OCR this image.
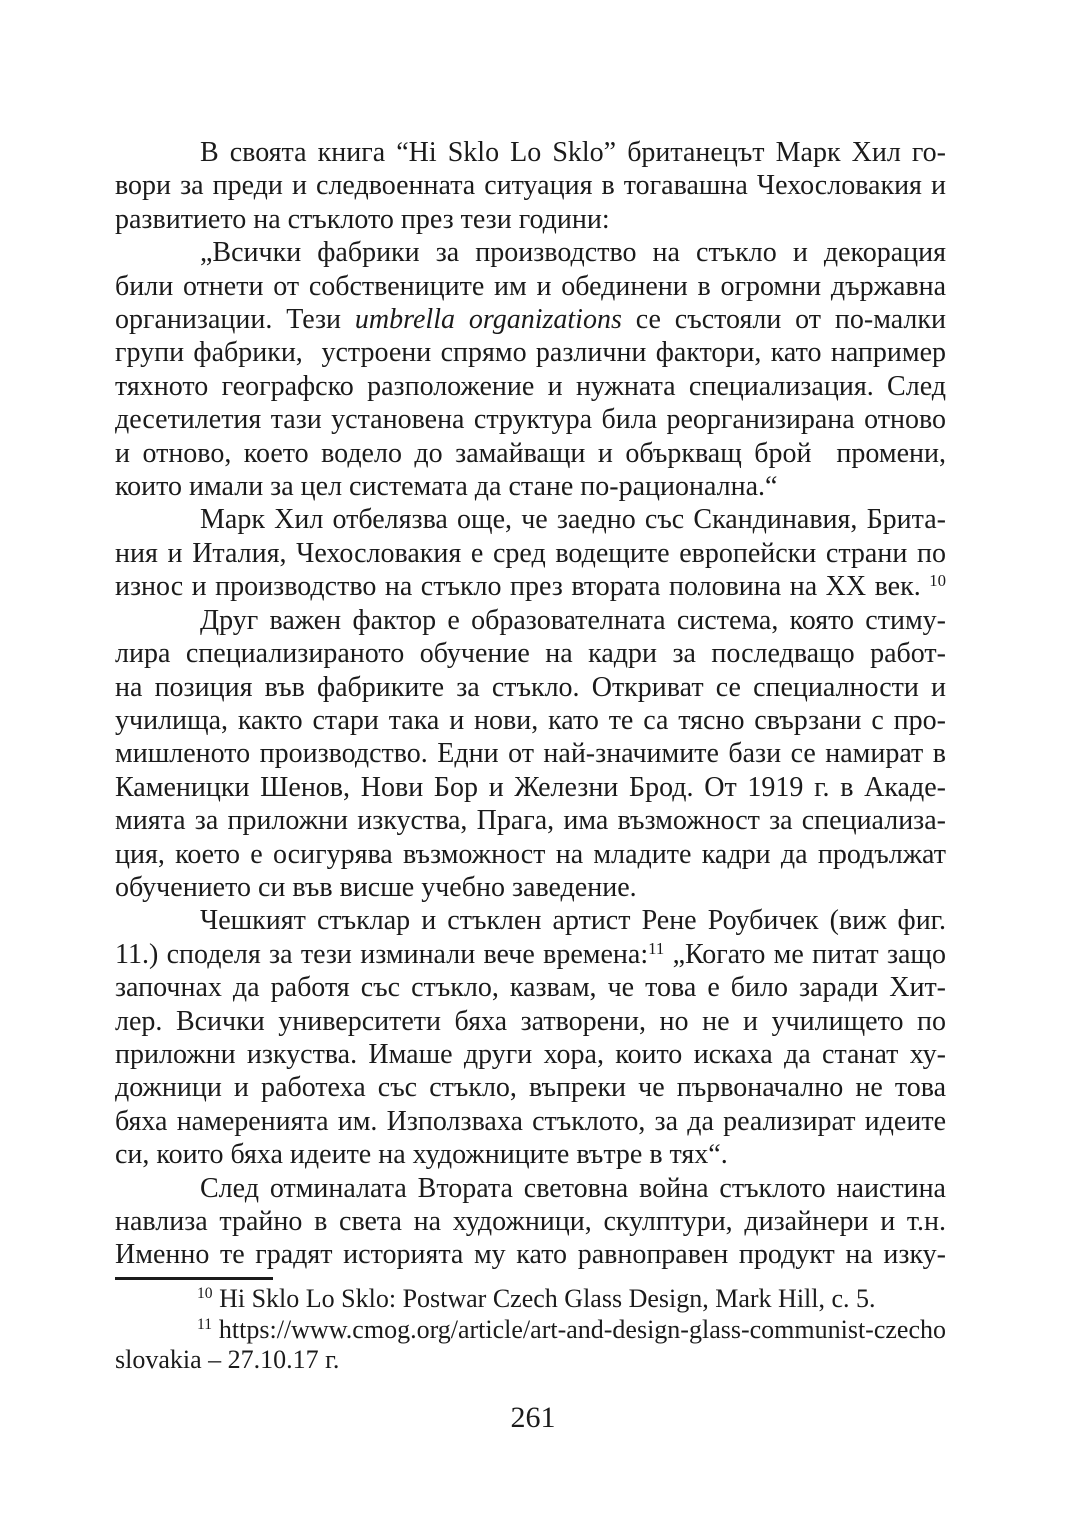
В своята книга “Hi Sklo Lo Sklo” британецът Марк Хил го-
вори за преди и следвоенната ситуация в тогавашна Чехословакия и
развитието на стъклото през тези години:
„Всички фабрики за производство на стъкло и декорация
били отнети от собствениците им и обединени в огромни държавна
организации. Тези umbrella organizations се състояли от по-малки
групи фабрики,  устроени спрямо различни фактори, като например
тяхното географско разположение и нужната специализация. След
десетилетия тази установена структура била реорганизирана отново
и отново, което водело до замайващи и объркващ брой  промени,
които имали за цел системата да стане по-рационална.“
Марк Хил отбелязва още, че заедно със Скандинавия, Брита-
ния и Италия, Чехословакия е сред водещите европейски страни по
износ и производство на стъкло през втората половина на ХХ век. $^{10}$
Друг важен фактор е образователната система, която стиму-
лира специализираното обучение на кадри за последващо работ-
на позиция във фабриките за стъкло. Откриват се специалности и
училища, както стари така и нови, като те са тясно свързани с про-
мишленото производство. Едни от най-значимите бази се намират в
Каменицки Шенов, Нови Бор и Железни Брод. От 1919 г. в Акаде-
мията за приложни изкуства, Прага, има възможност за специализа-
ция, което е осигурява възможност на младите кадри да продължат
обучението си във висше учебно заведение.
Чешкият стъклар и стъклен артист Рене Роубичек (виж фиг.
11.) споделя за тези изминали вече времена:$^{11}$ „Когато ме питат защо
започнах да работя със стъкло, казвам, че това е било заради Хит-
лер. Всички университети бяха затворени, но не и училището по
приложни изкуства. Имаше други хора, които искаха да станат ху-
дожници и работеха със стъкло, въпреки че първоначално не това
бяха намеренията им. Използваха стъклото, за да реализират идеите
си, които бяха идеите на художниците вътре в тях“.
След отминалата Втората световна война стъклото наистина
навлиза трайно в света на художници, скулптури, дизайнери и т.н.
Именно те градят историята му като равноправен продукт на изку-
$^{10}$ Hi Sklo Lo Sklo: Postwar Czech Glass Design, Mark Hill, с. 5.
$^{11}$ https://www.cmog.org/article/art-and-design-glass-communist-czecho
slovakia – 27.10.17 г.
261
